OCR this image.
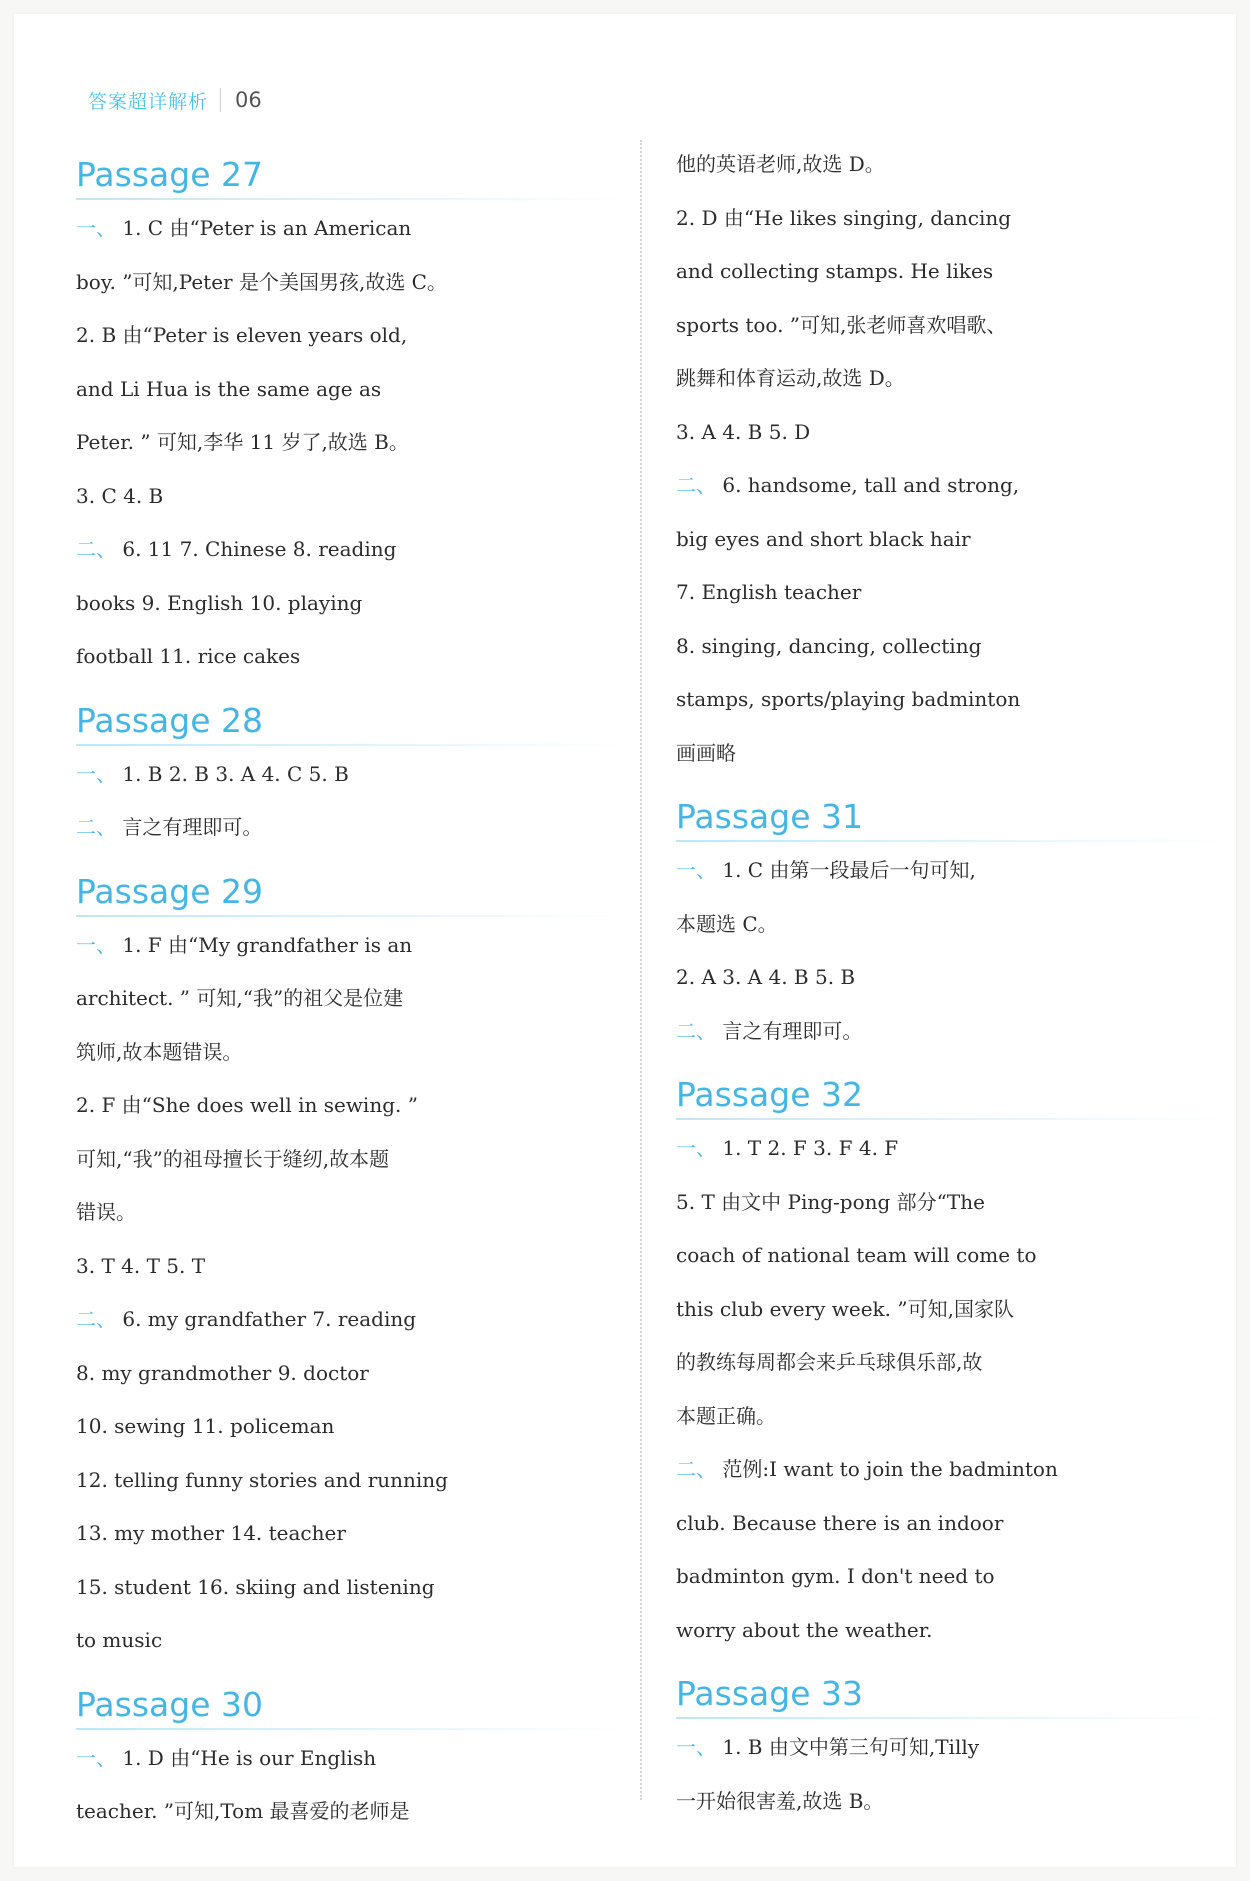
答案超详解析 06
Passage 27
一、 1. C 由“Peter is an American
boy. ”可知,Peter 是个美国男孩,故选 C。
2. B 由“Peter is eleven years old,
and Li Hua is the same age as
Peter. ” 可知,李华 11 岁了,故选 B。
3. C 4. B
二、 6. 11 7. Chinese 8. reading
books 9. English 10. playing
football 11. rice cakes
Passage 28
一、 1. B 2. B 3. A 4. C 5. B
二、 言之有理即可。
Passage 29
一、 1. F 由“My grandfather is an
architect. ” 可知,“我”的祖父是位建
筑师,故本题错误。
2. F 由“She does well in sewing. ”
可知,“我”的祖母擅长于缝纫,故本题
错误。
3. T 4. T 5. T
二、 6. my grandfather 7. reading
8. my grandmother 9. doctor
10. sewing 11. policeman
12. telling funny stories and running
13. my mother 14. teacher
15. student 16. skiing and listening
to music
Passage 30
一、 1. D 由“He is our English
teacher. ”可知,Tom 最喜爱的老师是
他的英语老师,故选 D。
2. D 由“He likes singing, dancing
and collecting stamps. He likes
sports too. ”可知,张老师喜欢唱歌、
跳舞和体育运动,故选 D。
3. A 4. B 5. D
二、 6. handsome, tall and strong,
big eyes and short black hair
7. English teacher
8. singing, dancing, collecting
stamps, sports/playing badminton
画画略
Passage 31
一、 1. C 由第一段最后一句可知,
本题选 C。
2. A 3. A 4. B 5. B
二、 言之有理即可。
Passage 32
一、 1. T 2. F 3. F 4. F
5. T 由文中 Ping-pong 部分“The
coach of national team will come to
this club every week. ”可知,国家队
的教练每周都会来乒乓球俱乐部,故
本题正确。
二、 范例:I want to join the badminton
club. Because there is an indoor
badminton gym. I don't need to
worry about the weather.
Passage 33
一、 1. B 由文中第三句可知,Tilly
一开始很害羞,故选 B。
